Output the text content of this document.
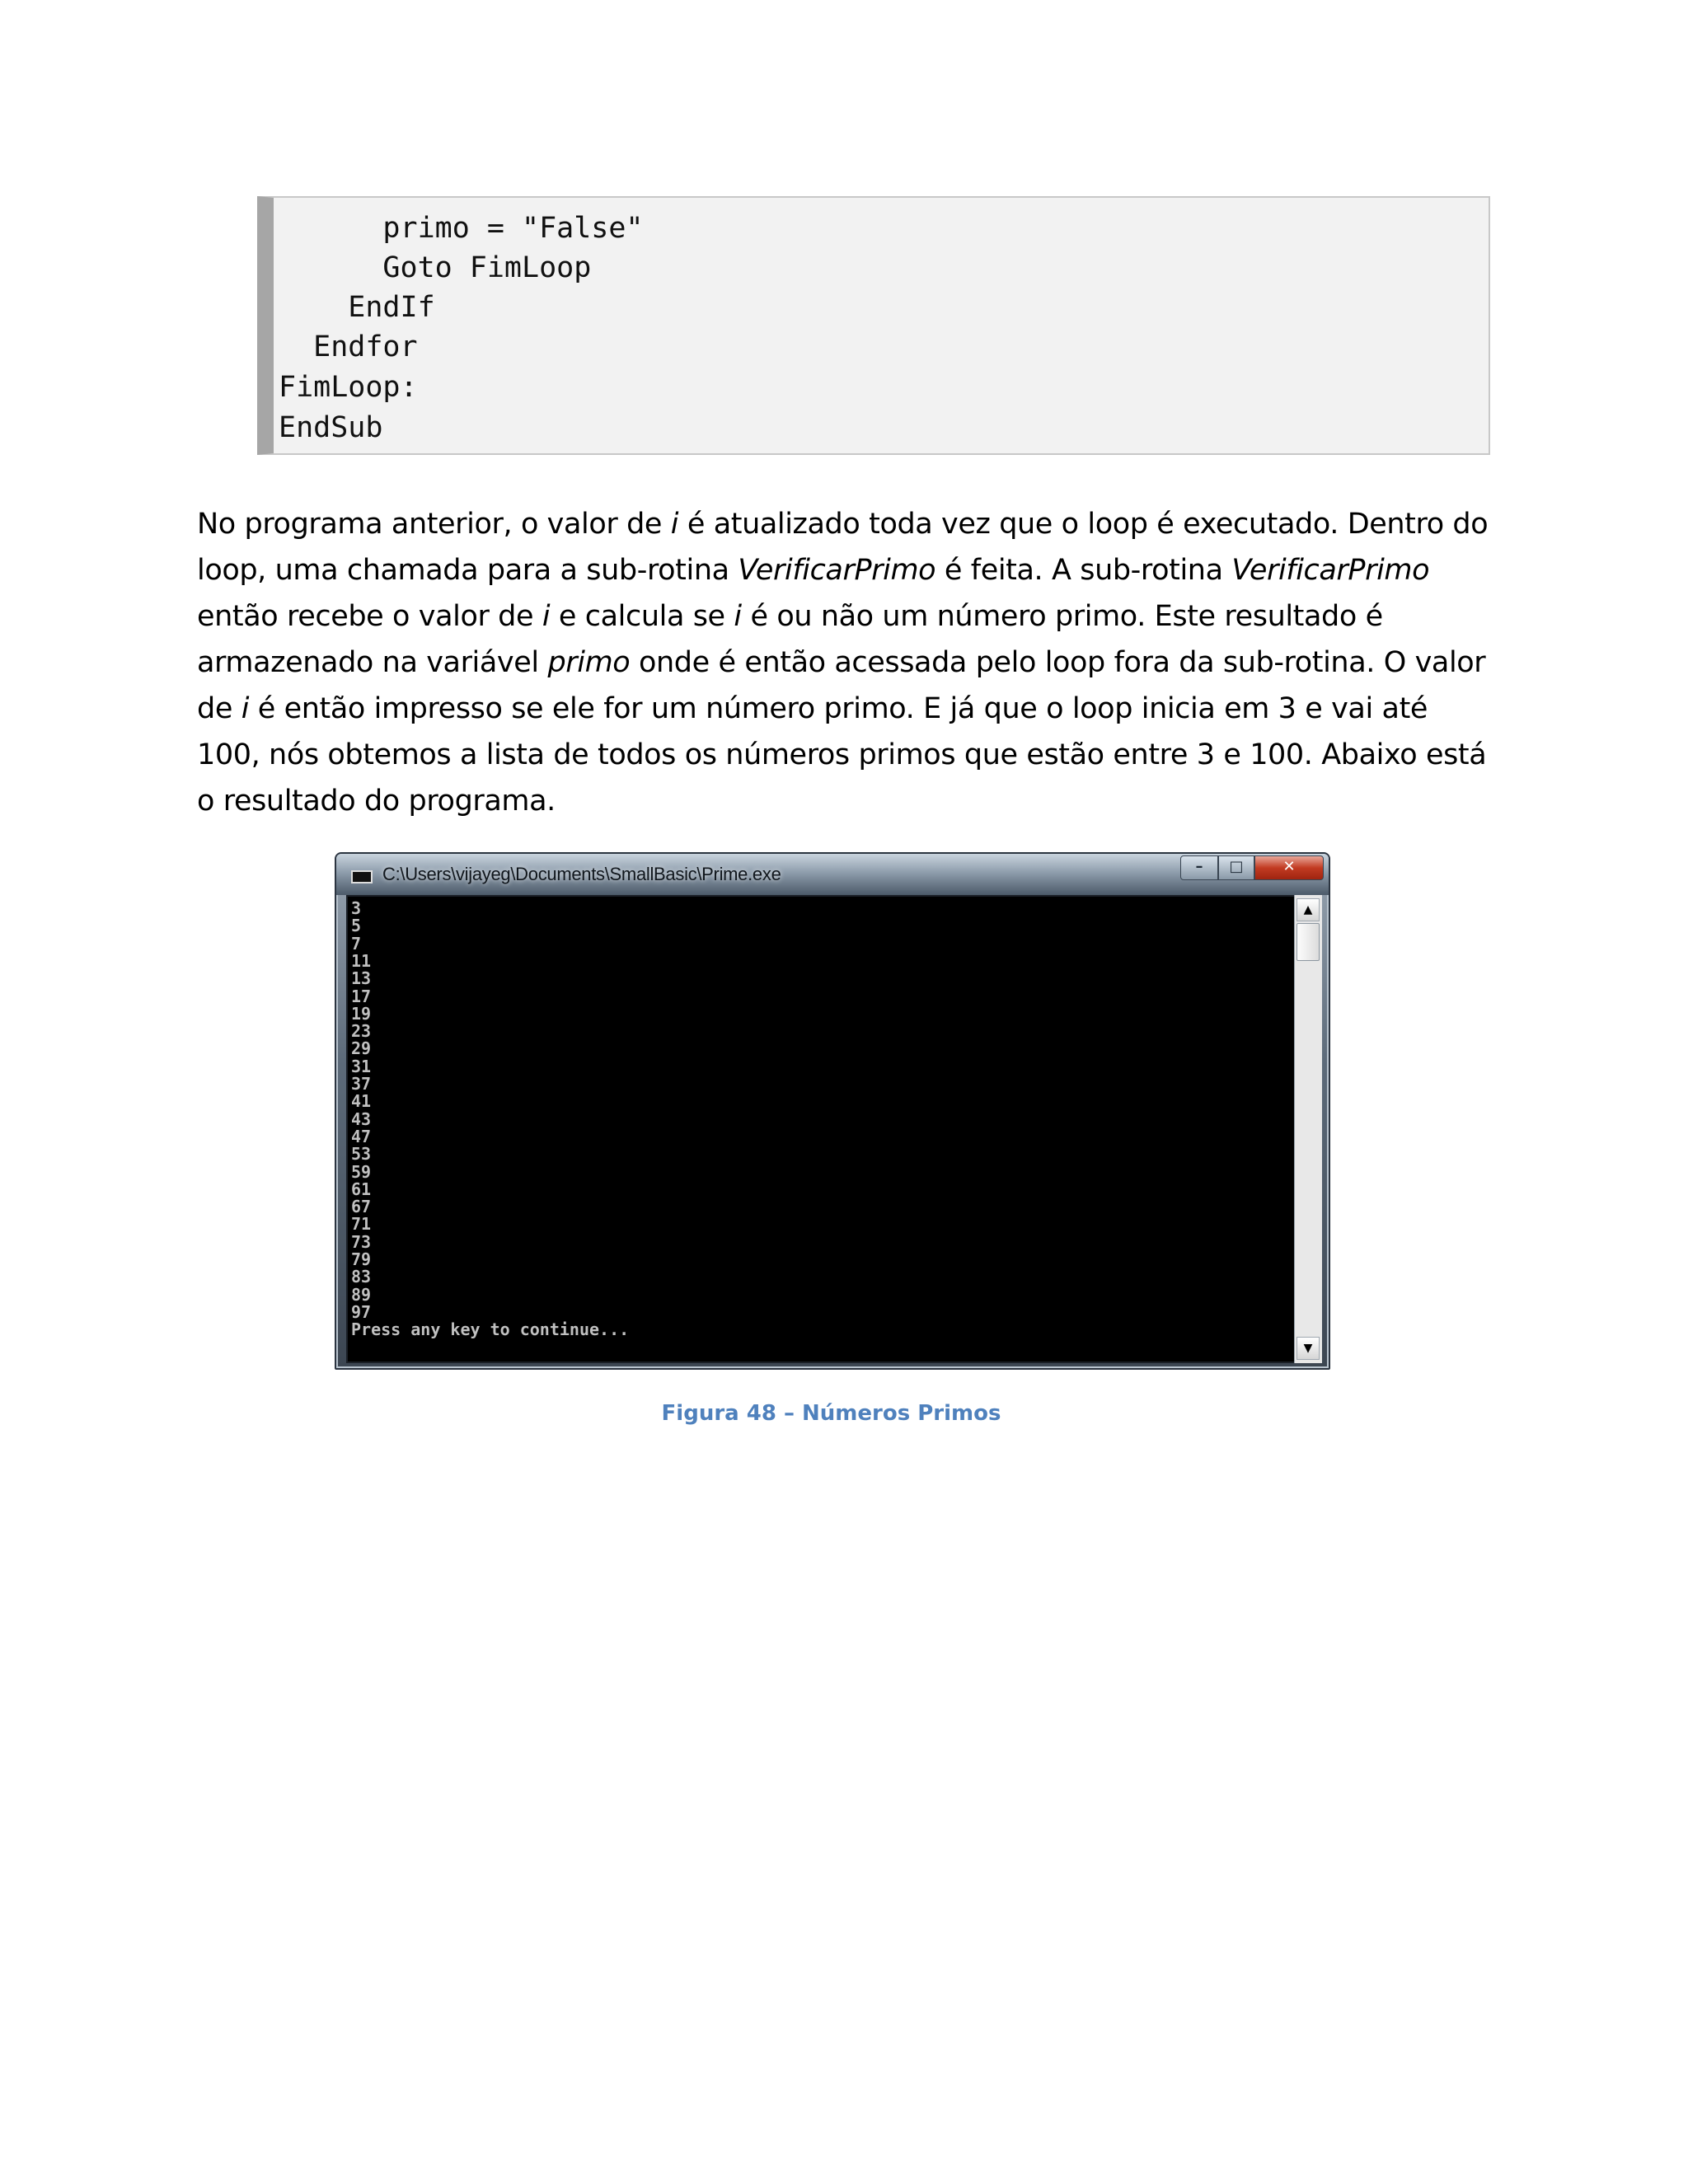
primo = "False"
Goto FimLoop
EndIf
Endfor
FimLoop:
EndSub

No programa anterior, o valor de i é atualizado toda vez que o loop é executado. Dentro do loop, uma chamada para a sub-rotina VerificarPrimo é feita. A sub-rotina VerificarPrimo então recebe o valor de i e calcula se i é ou não um número primo. Este resultado é armazenado na variável primo onde é então acessada pelo loop fora da sub-rotina. O valor de i é então impresso se ele for um número primo. E já que o loop inicia em 3 e vai até 100, nós obtemos a lista de todos os números primos que estão entre 3 e 100. Abaixo está o resultado do programa.

C:\Users\vijayeg\Documents\SmallBasic\Prime.exe	–	□	✕
3
5
7
11
13
17
19
23
29
31
37
41
43
47
53
59
61
67
71
73
79
83
89
97
Press any key to continue...
▲
▼
Figura 48 – Números Primos
